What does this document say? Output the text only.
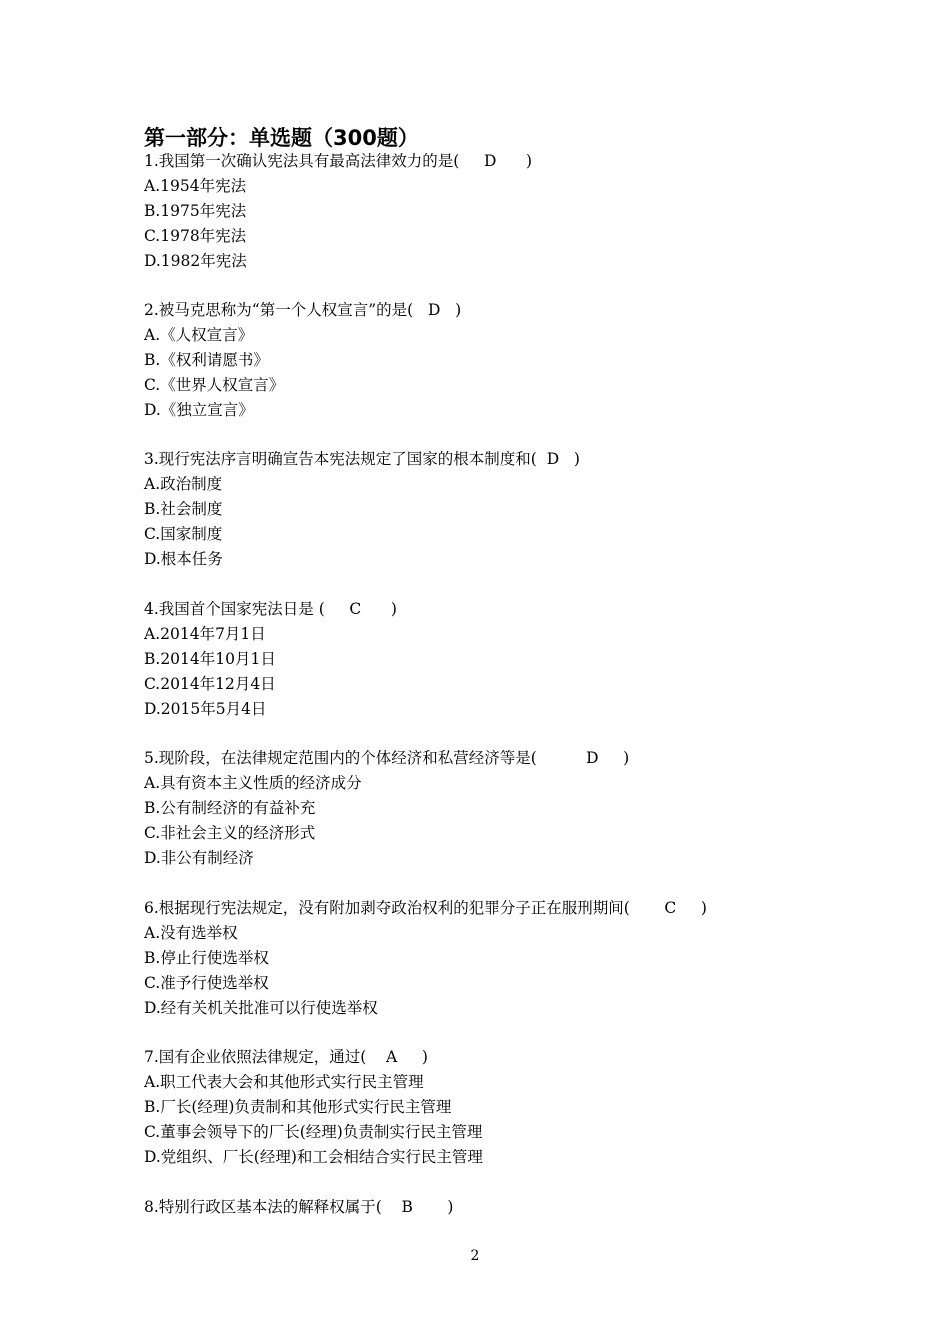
第一部分：单选题（300题）
1.我国第一次确认宪法具有最高法律效力的是(     D      )
A.1954年宪法
B.1975年宪法
C.1978年宪法
D.1982年宪法
2.被马克思称为“第一个人权宣言”的是(   D   )
A.《人权宣言》
B.《权利请愿书》
C.《世界人权宣言》
D.《独立宣言》
3.现行宪法序言明确宣告本宪法规定了国家的根本制度和(  D   )
A.政治制度
B.社会制度
C.国家制度
D.根本任务
4.我国首个国家宪法日是 (     C      )
A.2014年7月1日
B.2014年10月1日
C.2014年12月4日
D.2015年5月4日
5.现阶段，在法律规定范围内的个体经济和私营经济等是(          D     )
A.具有资本主义性质的经济成分
B.公有制经济的有益补充
C.非社会主义的经济形式
D.非公有制经济
6.根据现行宪法规定，没有附加剥夺政治权利的犯罪分子正在服刑期间(       C     )
A.没有选举权
B.停止行使选举权
C.准予行使选举权
D.经有关机关批准可以行使选举权
7.国有企业依照法律规定，通过(    A     )
A.职工代表大会和其他形式实行民主管理
B.厂长(经理)负责制和其他形式实行民主管理
C.董事会领导下的厂长(经理)负责制实行民主管理
D.党组织、厂长(经理)和工会相结合实行民主管理
8.特别行政区基本法的解释权属于(    B       )
2
